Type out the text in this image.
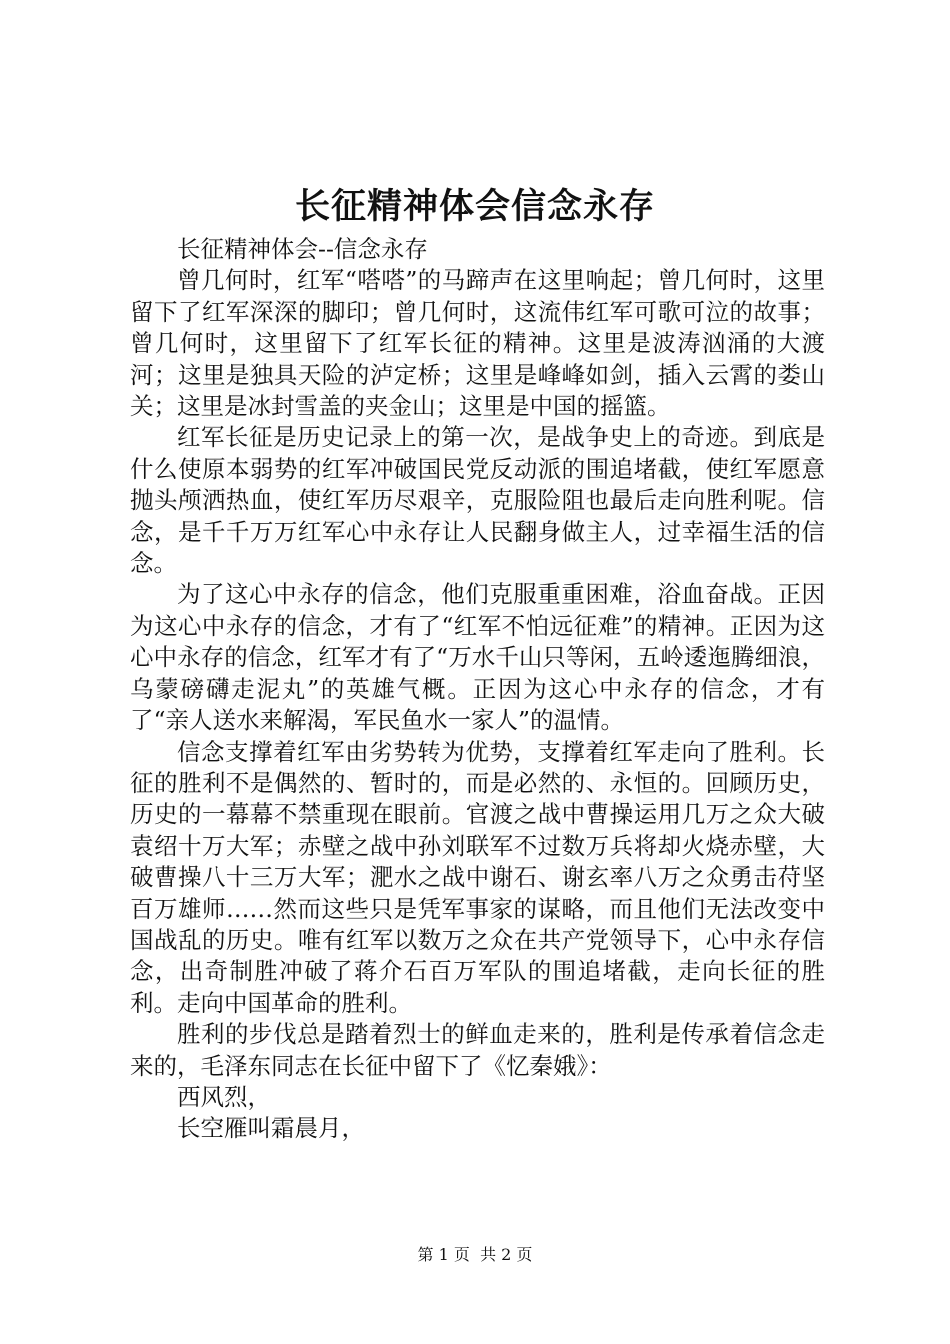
长征精神体会信念永存

长征精神体会--信念永存

曾几何时，红军“嗒嗒”的马蹄声在这里响起；曾几何时，这里留下了红军深深的脚印；曾几何时，这流伟红军可歌可泣的故事；曾几何时，这里留下了红军长征的精神。这里是波涛汹涌的大渡河；这里是独具天险的泸定桥；这里是峰峰如剑，插入云霄的娄山关；这里是冰封雪盖的夹金山；这里是中国的摇篮。

红军长征是历史记录上的第一次，是战争史上的奇迹。到底是什么使原本弱势的红军冲破国民党反动派的围追堵截，使红军愿意抛头颅洒热血，使红军历尽艰辛，克服险阻也最后走向胜利呢。信念，是千千万万红军心中永存让人民翻身做主人，过幸福生活的信念。

为了这心中永存的信念，他们克服重重困难，浴血奋战。正因为这心中永存的信念，才有了“红军不怕远征难”的精神。正因为这心中永存的信念，红军才有了“万水千山只等闲，五岭逶迤腾细浪，乌蒙磅礴走泥丸”的英雄气概。正因为这心中永存的信念，才有了“亲人送水来解渴，军民鱼水一家人”的温情。

信念支撑着红军由劣势转为优势，支撑着红军走向了胜利。长征的胜利不是偶然的、暂时的，而是必然的、永恒的。回顾历史，历史的一幕幕不禁重现在眼前。官渡之战中曹操运用几万之众大破袁绍十万大军；赤壁之战中孙刘联军不过数万兵将却火烧赤壁，大破曹操八十三万大军；淝水之战中谢石、谢玄率八万之众勇击苻坚百万雄师……然而这些只是凭军事家的谋略，而且他们无法改变中国战乱的历史。唯有红军以数万之众在共产党领导下，心中永存信念，出奇制胜冲破了蒋介石百万军队的围追堵截，走向长征的胜利。走向中国革命的胜利。

胜利的步伐总是踏着烈士的鲜血走来的，胜利是传承着信念走来的，毛泽东同志在长征中留下了《忆秦娥》：

西风烈，

长空雁叫霜晨月，

第 1 页  共 2 页
